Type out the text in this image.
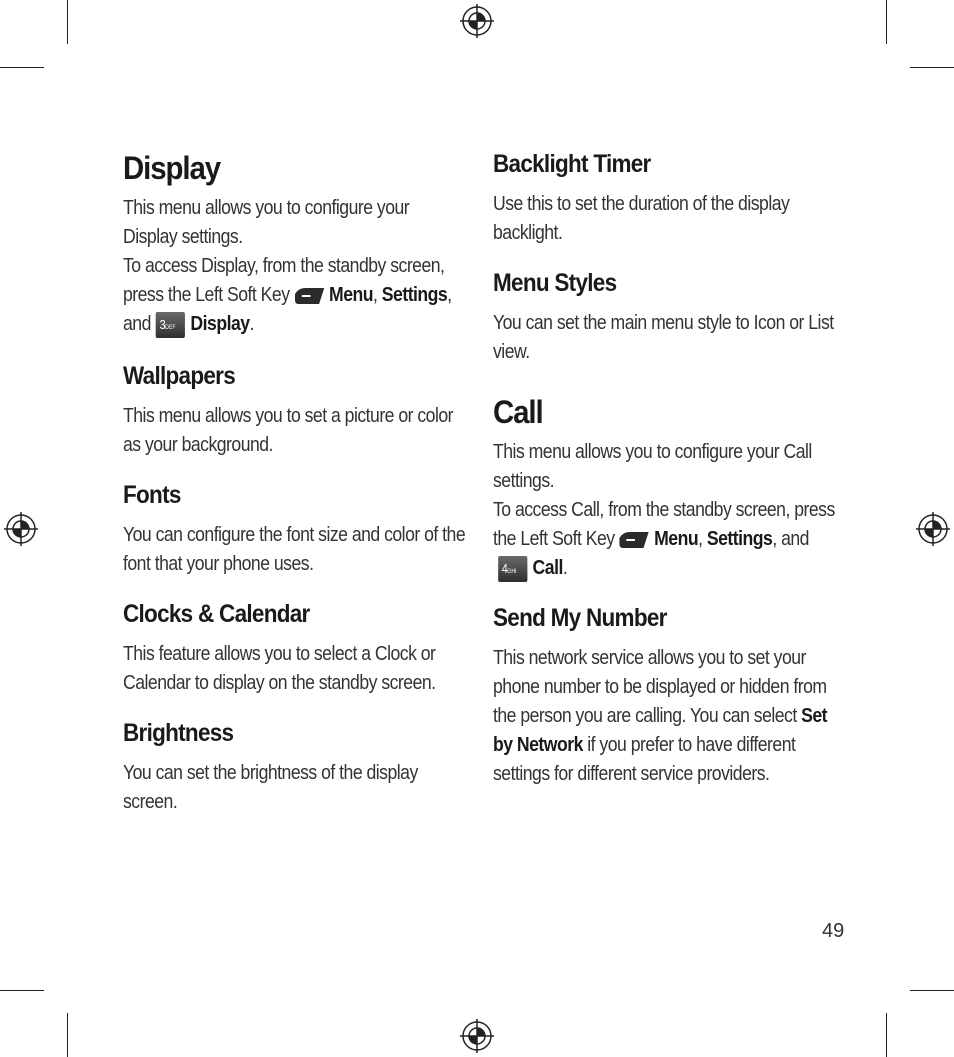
Display

This menu allows you to configure your Display settings.

To access Display, from the standby screen, press the Left Soft Key Menu, Settings, and 3DEF Display.

Wallpapers

This menu allows you to set a picture or color as your background.

Fonts

You can configure the font size and color of the font that your phone uses.

Clocks & Calendar

This feature allows you to select a Clock or Calendar to display on the standby screen.

Brightness

You can set the brightness of the display screen.

Backlight Timer

Use this to set the duration of the display backlight.

Menu Styles

You can set the main menu style to Icon or List view.

Call

This menu allows you to configure your Call settings.

To access Call, from the standby screen, press the Left Soft Key Menu, Settings, and4GHI Call.

Send My Number

This network service allows you to set your phone number to be displayed or hidden from the person you are calling. You can select Set by Network if you prefer to have different settings for different service providers.

49
